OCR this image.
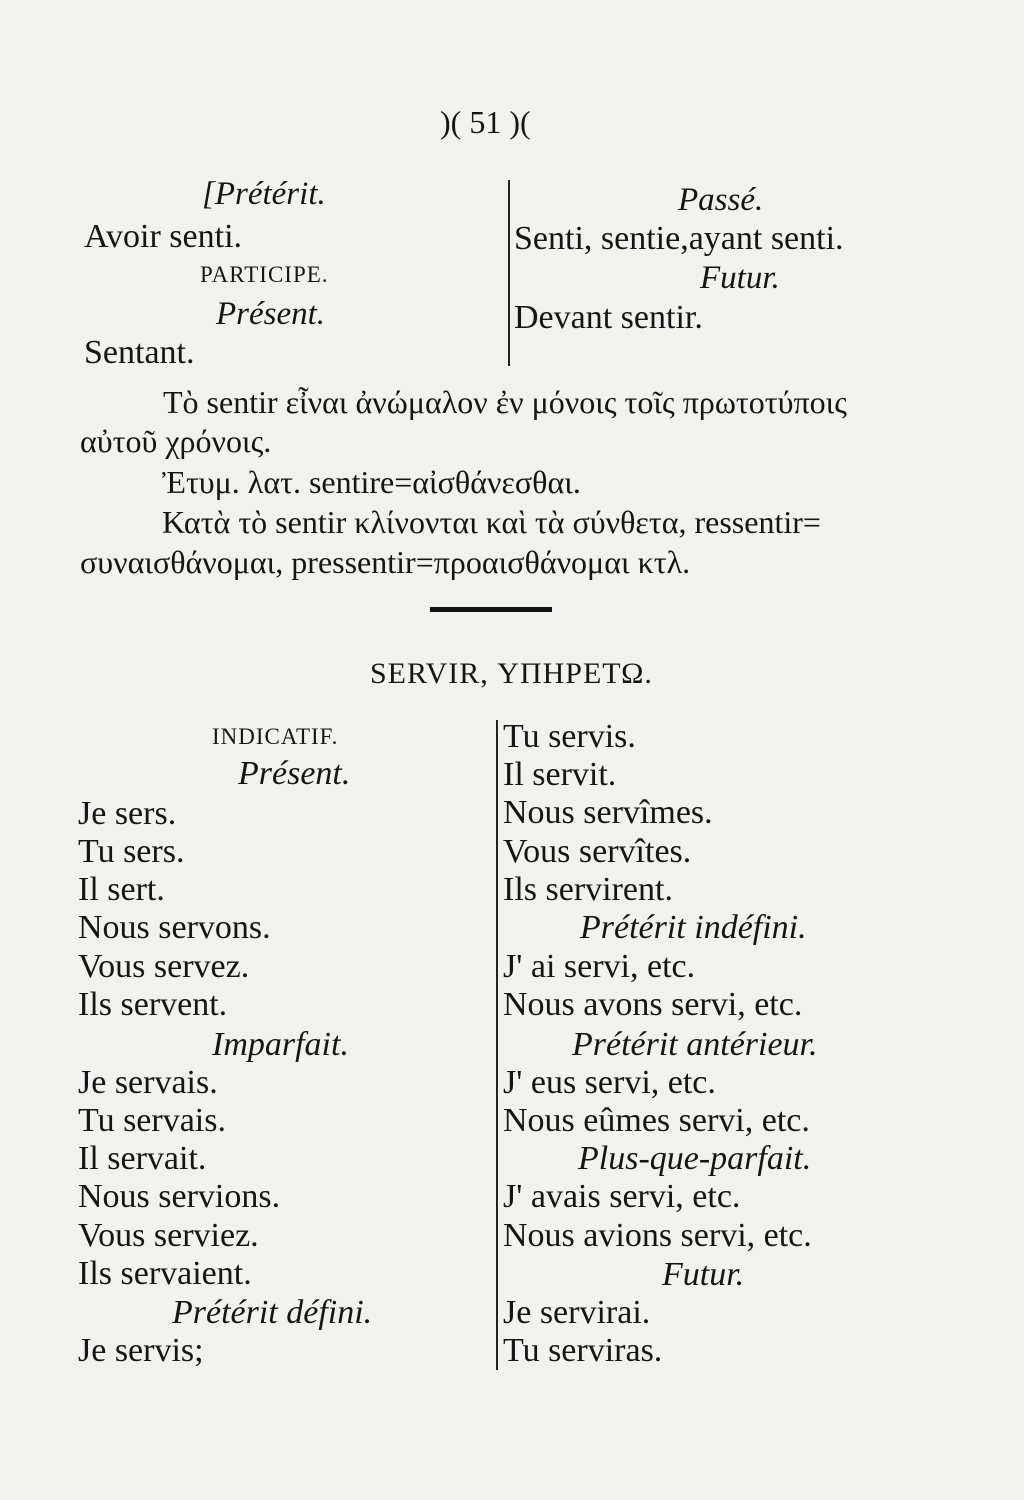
)( 51 )(
[Prétérit.
Avoir senti.
PARTICIPE.
Présent.
Sentant.
Passé.
Senti, sentie,ayant senti.
Futur.
Devant sentir.
Τὸ sentir εἶναι ἀνώμαλον ἐν μόνοις τοῖς πρωτοτύποις
αὐτοῦ χρόνοις.
Ἐτυμ. λατ. sentire=αἰσθάνεσθαι.
Κατὰ τὸ sentir κλίνονται καὶ τὰ σύνθετα, ressentir=
συναισθάνομαι, pressentir=προαισθάνομαι κτλ.
SERVIR, ΥΠΗΡΕΤΩ.
INDICATIF.
Présent.
Je sers.
Tu sers.
Il sert.
Nous servons.
Vous servez.
Ils servent.
Imparfait.
Je servais.
Tu servais.
Il servait.
Nous servions.
Vous serviez.
Ils servaient.
Prétérit défini.
Je servis;
Tu servis.
Il servit.
Nous servîmes.
Vous servîtes.
Ils servirent.
Prétérit indéfini.
J' ai servi, etc.
Nous avons servi, etc.
Prétérit antérieur.
J' eus servi, etc.
Nous eûmes servi, etc.
Plus-que-parfait.
J' avais servi, etc.
Nous avions servi, etc.
Futur.
Je servirai.
Tu serviras.
